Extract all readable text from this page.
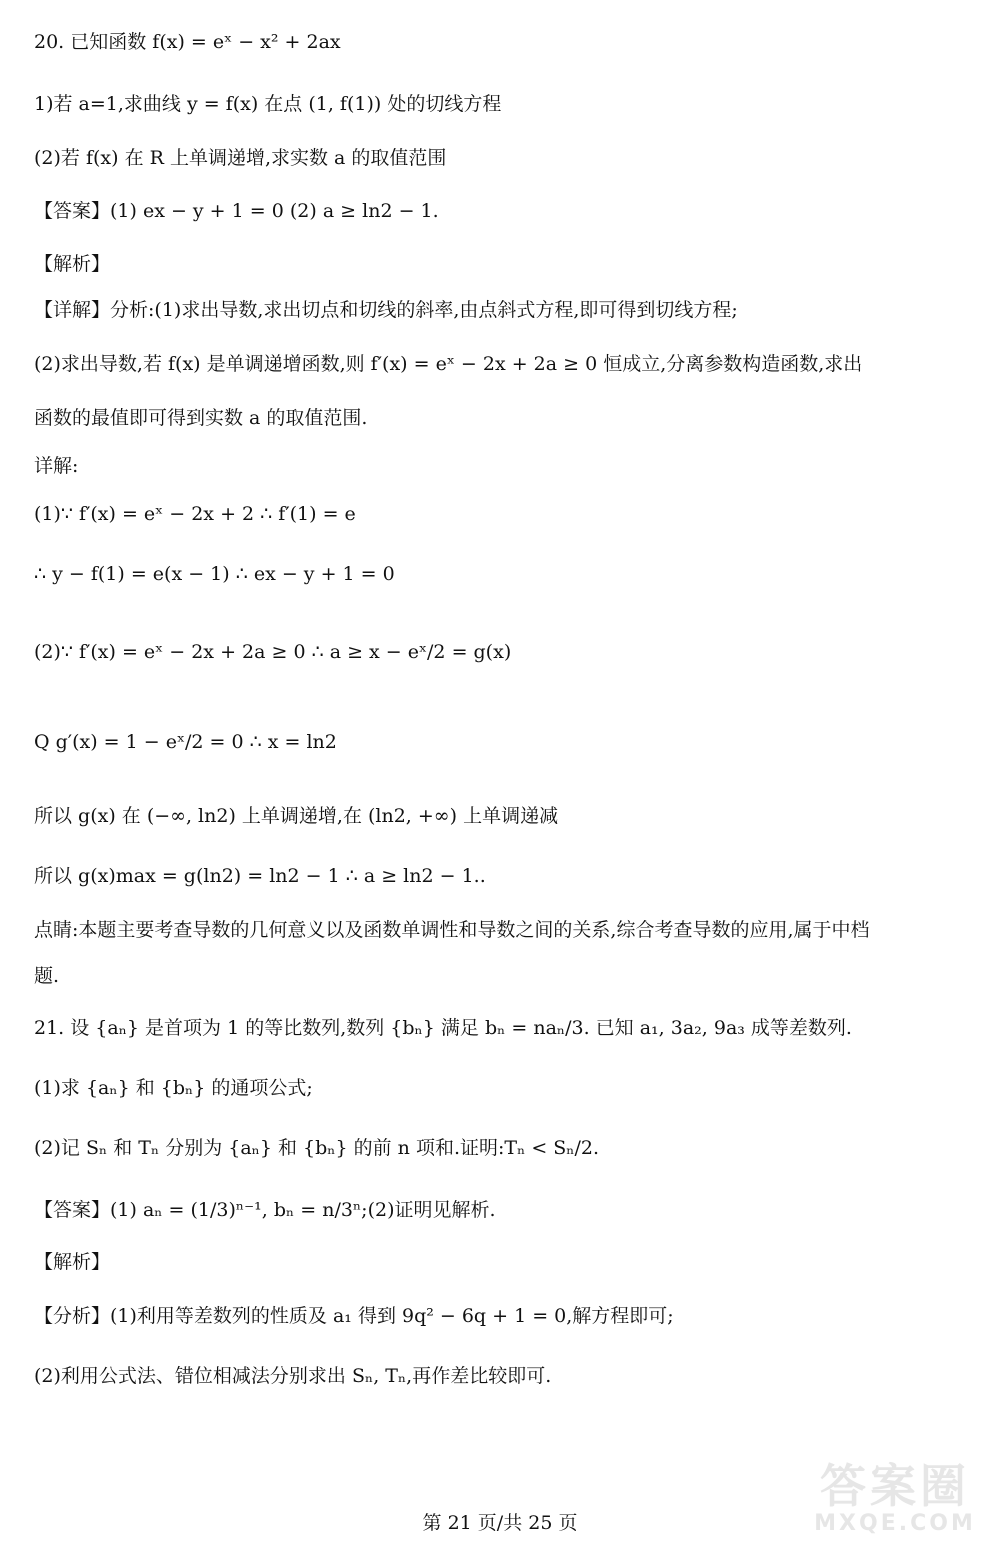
20. 已知函数 f(x) = eˣ − x² + 2ax
1)若 a=1,求曲线 y = f(x) 在点 (1, f(1)) 处的切线方程
(2)若 f(x) 在 R 上单调递增,求实数 a 的取值范围
【答案】(1) ex − y + 1 = 0 (2) a ≥ ln2 − 1.
【解析】
【详解】分析:(1)求出导数,求出切点和切线的斜率,由点斜式方程,即可得到切线方程;
(2)求出导数,若 f(x) 是单调递增函数,则 f′(x) = eˣ − 2x + 2a ≥ 0 恒成立,分离参数构造函数,求出
函数的最值即可得到实数 a 的取值范围.
详解:
(1)∵ f′(x) = eˣ − 2x + 2 ∴ f′(1) = e
∴ y − f(1) = e(x − 1) ∴ ex − y + 1 = 0
(2)∵ f′(x) = eˣ − 2x + 2a ≥ 0 ∴ a ≥ x − eˣ/2 = g(x)
Q g′(x) = 1 − eˣ/2 = 0 ∴ x = ln2
所以 g(x) 在 (−∞, ln2) 上单调递增,在 (ln2, +∞) 上单调递减
所以 g(x)max = g(ln2) = ln2 − 1 ∴ a ≥ ln2 − 1..
点睛:本题主要考查导数的几何意义以及函数单调性和导数之间的关系,综合考查导数的应用,属于中档
题.
21. 设 {aₙ} 是首项为 1 的等比数列,数列 {bₙ} 满足 bₙ = naₙ/3. 已知 a₁, 3a₂, 9a₃ 成等差数列.
(1)求 {aₙ} 和 {bₙ} 的通项公式;
(2)记 Sₙ 和 Tₙ 分别为 {aₙ} 和 {bₙ} 的前 n 项和.证明:Tₙ < Sₙ/2.
【答案】(1) aₙ = (1/3)ⁿ⁻¹, bₙ = n/3ⁿ;(2)证明见解析.
【解析】
【分析】(1)利用等差数列的性质及 a₁ 得到 9q² − 6q + 1 = 0,解方程即可;
(2)利用公式法、错位相减法分别求出 Sₙ, Tₙ,再作差比较即可.
第 21 页/共 25 页
答案圈
MXQE.COM
